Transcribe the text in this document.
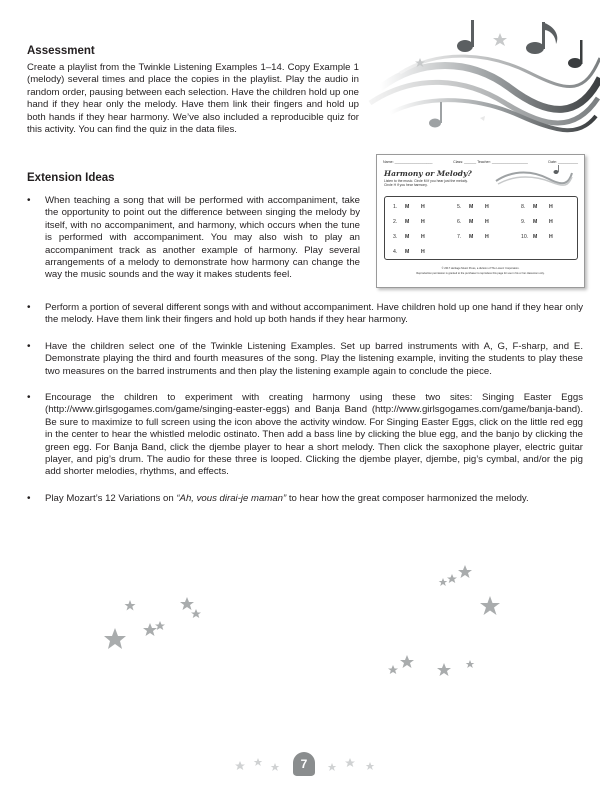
Assessment

Create a playlist from the Twinkle Listening Examples 1–14. Copy Example 1 (melody) several times and place the copies in the playlist. Play the audio in random order, pausing between each selection. Have the children hold up one hand if they hear only the melody. Have them link their fingers and hold up both hands if they hear harmony. We’ve also included a reproducible quiz for this activity. You can find the quiz in the data files.

Extension Ideas
• When teaching a song that will be performed with accompaniment, take the opportunity to point out the difference between singing the melody by itself, with no accompaniment, and harmony, which occurs when the tune is performed with accompaniment. You may also wish to play an accompaniment track as another example of harmony. Play several arrangements of a melody to demonstrate how harmony can change the way the music sounds and the way it makes students feel.
• Perform a portion of several different songs with and without accompaniment. Have children hold up one hand if they hear only the melody. Have them link their fingers and hold up both hands if they hear harmony.
• Have the children select one of the Twinkle Listening Examples. Set up barred instruments with A, G, F-sharp, and E. Demonstrate playing the third and fourth measures of the song. Play the listening example, inviting the students to play these two measures on the barred instruments and then play the listening example again to conclude the piece.
• Encourage the children to experiment with creating harmony using these two sites: Singing Easter Eggs (http://www.girlsgogames.com/game/singing-easter-eggs) and Banja Band (http://www.girlsgogames.com/game/banja-band). Be sure to maximize to full screen using the icon above the activity window. For Singing Easter Eggs, click on the little red egg in the center to hear the whistled melodic ostinato. Then add a bass line by clicking the blue egg, and the banjo by clicking the green egg. For Banja Band, click the djembe player to hear a short melody. Then click the saxophone player, electric guitar player, and pig’s drum. The audio for these three is looped. Clicking the djembe player, djembe, pig’s cymbal, and/or the pig add shorter melodies, rhythms, and effects.
• Play Mozart’s 12 Variations on “Ah, vous dirai-je maman” to hear how the great composer harmonized the melody.
Name: ___________________	Class: ______ Teacher: __________________	Date: __________
Harmony or Melody?
Listen to the music. Circle M if you hear just the melody. Circle H if you hear harmony.
1. M H
2. M H
3. M H
4. M H
5. M H
6. M H
7. M H
8. M H
9. M H
10. M H
© 2017 Heritage Music Press, a division of The Lorenz Corporation.
Reproduction permission is granted to the purchaser to reproduce this page for use in his or her classroom only.
7
